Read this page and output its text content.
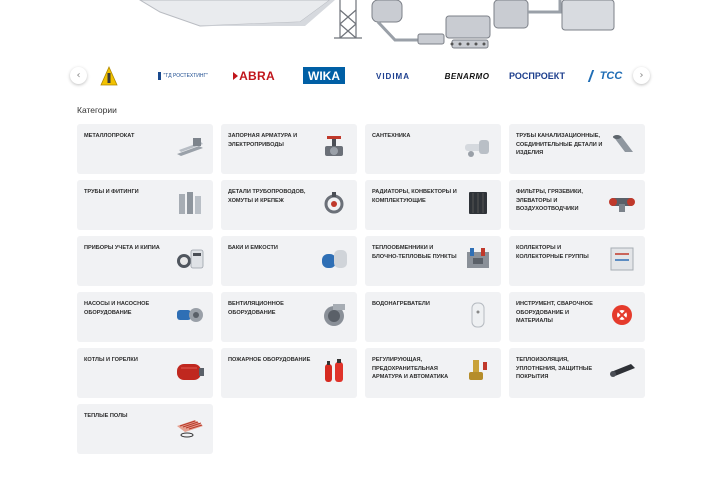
‹	"ТД РОСТЕХТИНГ"	ABRA	WIKA	VIDIMA	BENARMO РОСПРОЕКТ	ТСС ›
Категории
МЕТАЛЛОПРОКАТ	ЗАПОРНАЯ АРМАТУРА И ЭЛЕКТРОПРИВОДЫ
САНТЕХНИКА	ТРУБЫ КАНАЛИЗАЦИОННЫЕ, СОЕДИНИТЕЛЬНЫЕ ДЕТАЛИ И ИЗДЕЛИЯ
ТРУБЫ И ФИТИНГИ	ДЕТАЛИ ТРУБОПРОВОДОВ, ХОМУТЫ И КРЕПЕЖ
РАДИАТОРЫ, КОНВЕКТОРЫ И КОМПЛЕКТУЮЩИЕ
ФИЛЬТРЫ, ГРЯЗЕВИКИ, ЭЛЕВАТОРЫ И ВОЗДУХООТВОДЧИКИ
ПРИБОРЫ УЧЕТА И КИПИА	БАКИ И ЕМКОСТИ	ТЕПЛООБМЕННИКИ И БЛОЧНО-ТЕПЛОВЫЕ ПУНКТЫ
КОЛЛЕКТОРЫ И КОЛЛЕКТОРНЫЕ ГРУППЫ
НАСОСЫ И НАСОСНОЕ ОБОРУДОВАНИЕ
ВЕНТИЛЯЦИОННОЕ ОБОРУДОВАНИЕ
ВОДОНАГРЕВАТЕЛИ	ИНСТРУМЕНТ, СВАРОЧНОЕ ОБОРУДОВАНИЕ И МАТЕРИАЛЫ
КОТЛЫ И ГОРЕЛКИ	ПОЖАРНОЕ ОБОРУДОВАНИЕ	РЕГУЛИРУЮЩАЯ, ПРЕДОХРАНИТЕЛЬНАЯ АРМАТУРА И АВТОМАТИКА
ТЕПЛОИЗОЛЯЦИЯ, УПЛОТНЕНИЯ, ЗАЩИТНЫЕ ПОКРЫТИЯ
ТЕПЛЫЕ ПОЛЫ
